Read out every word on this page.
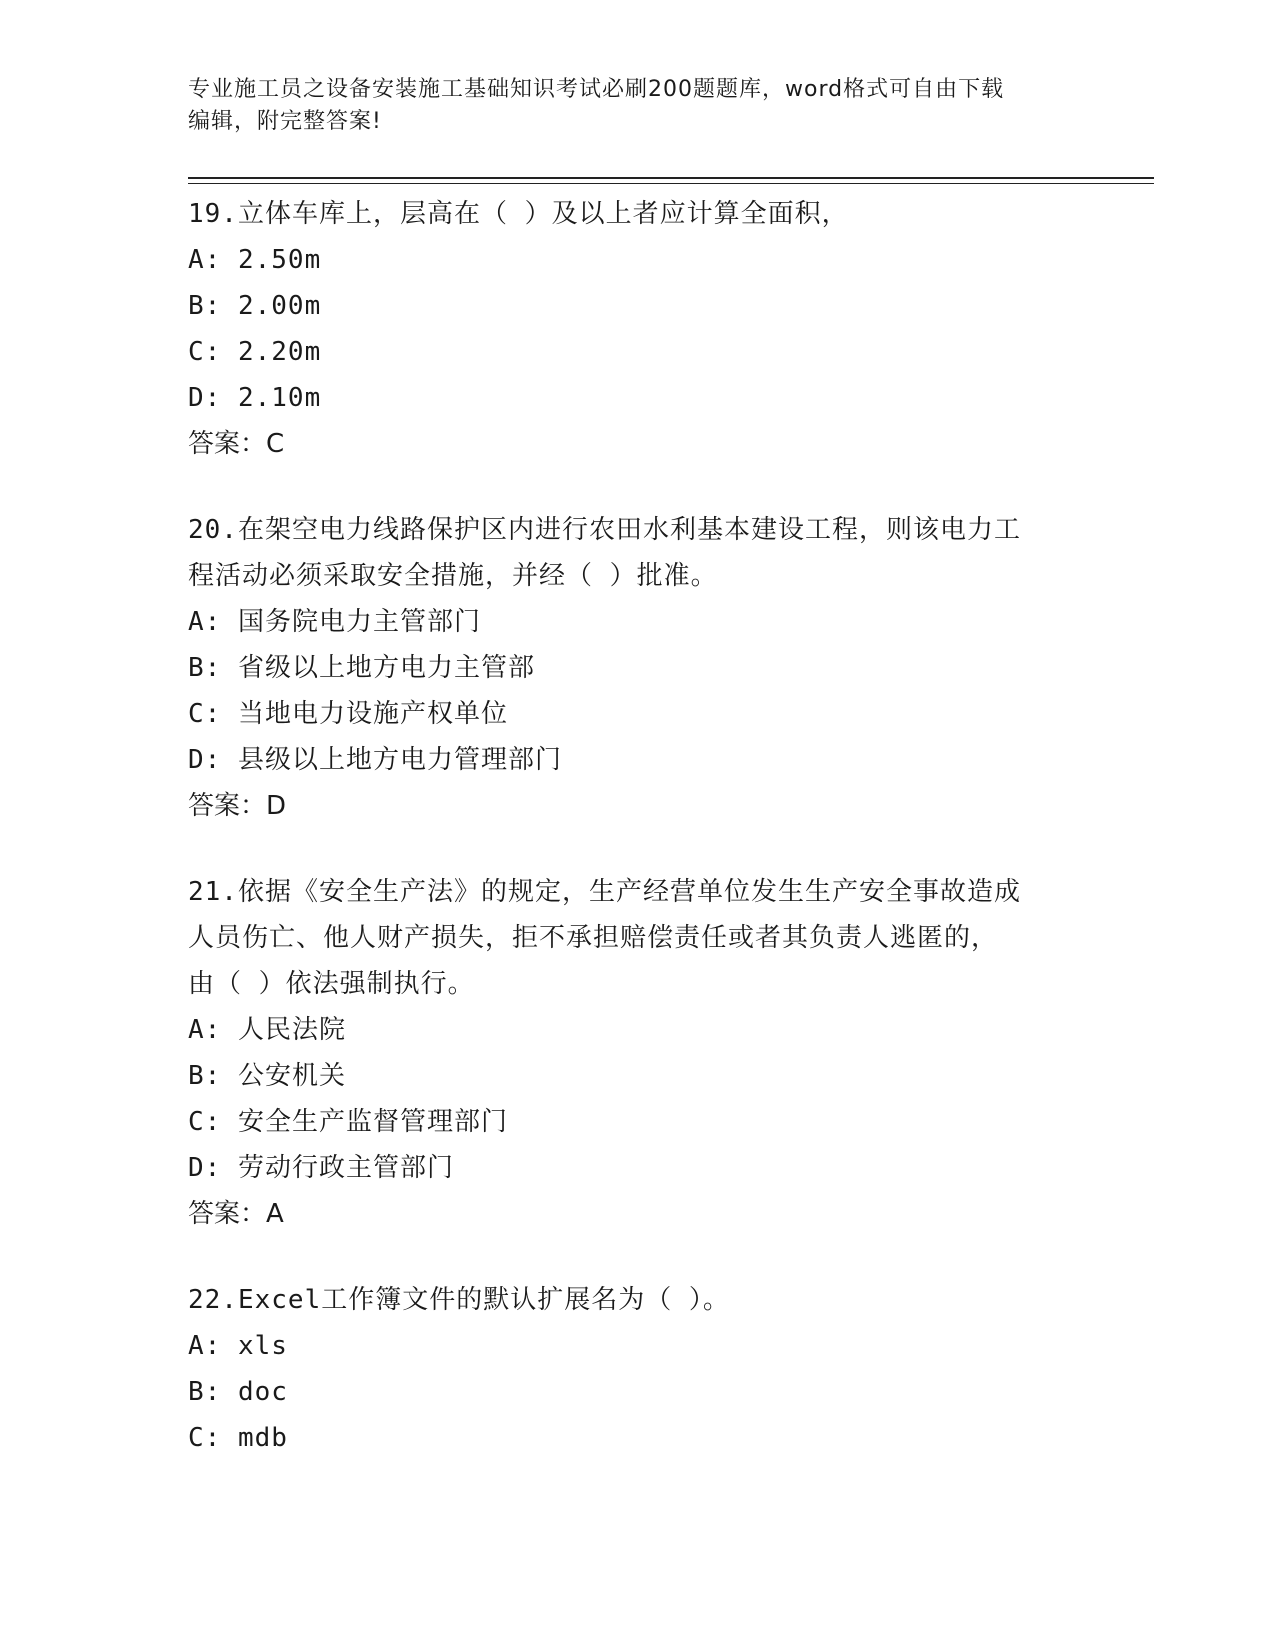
专业施工员之设备安装施工基础知识考试必刷200题题库，word格式可自由下载
编辑，附完整答案!
19.立体车库上，层高在（ ）及以上者应计算全面积，
A: 2.50m
B: 2.00m
C: 2.20m
D: 2.10m
答案：C
20.在架空电力线路保护区内进行农田水利基本建设工程，则该电力工
程活动必须采取安全措施，并经（ ）批准。
A: 国务院电力主管部门
B: 省级以上地方电力主管部
C: 当地电力设施产权单位
D: 县级以上地方电力管理部门
答案：D
21.依据《安全生产法》的规定，生产经营单位发生生产安全事故造成
人员伤亡、他人财产损失，拒不承担赔偿责任或者其负责人逃匿的，
由（ ）依法强制执行。
A: 人民法院
B: 公安机关
C: 安全生产监督管理部门
D: 劳动行政主管部门
答案：A
22.Excel工作簿文件的默认扩展名为（ ）。
A: xls
B: doc
C: mdb
